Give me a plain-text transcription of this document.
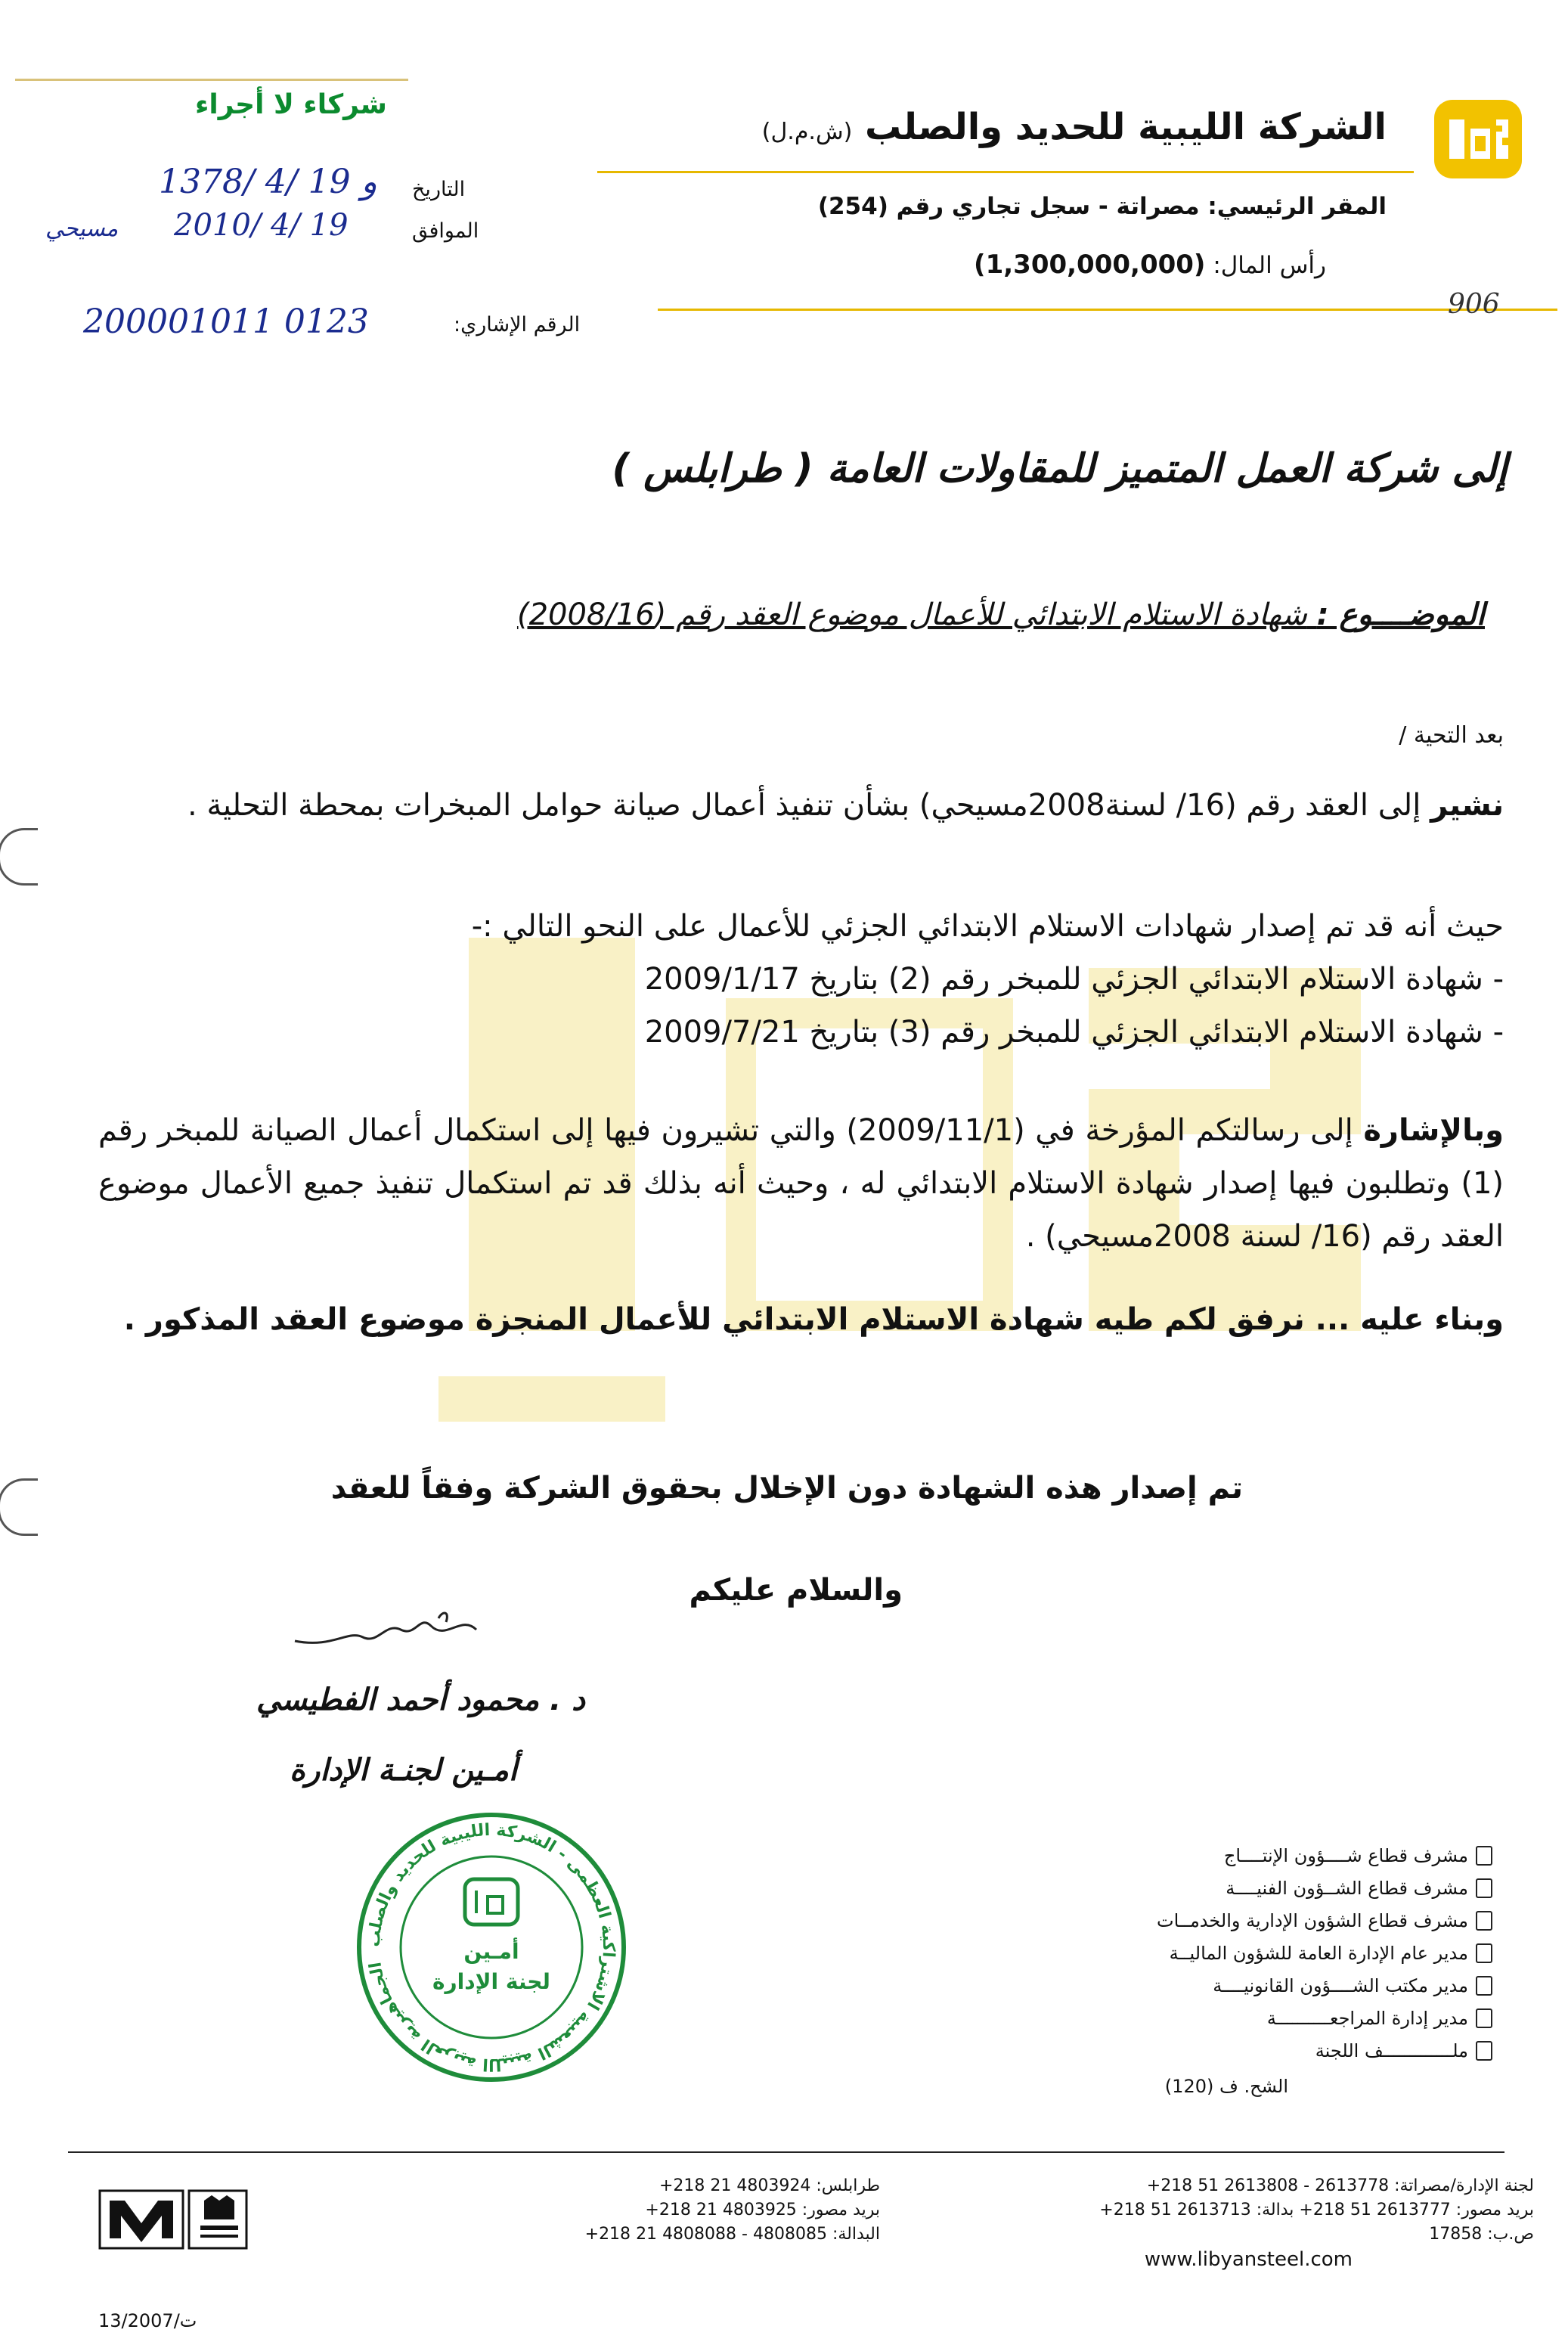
الشركة الليبية للحديد والصلب (ش.م.ل)
المقر الرئيسي: مصراتة - سجل تجاري رقم (254)
رأس المال: (1,300,000,000)
شركاء لا أجراء
التاريخ
1378/ 4/ 19 و
الموافق
2010/ 4/ 19
مسيحي
الرقم الإشاري:
200001011 0123	906
إلى شركة العمل المتميز للمقاولات العامة ( طرابلس )
الموضــــوع : شهادة الاستلام الابتدائي للأعمال موضوع العقد رقم (2008/16)
بعد التحية /
نشير إلى العقد رقم (16/ لسنة2008مسيحي) بشأن تنفيذ أعمال صيانة حوامل المبخرات بمحطة التحلية .
حيث أنه قد تم إصدار شهادات الاستلام الابتدائي الجزئي للأعمال على النحو التالي :-
- شهادة الاستلام الابتدائي الجزئي للمبخر رقم (2) بتاريخ 2009/1/17
- شهادة الاستلام الابتدائي الجزئي للمبخر رقم (3) بتاريخ 2009/7/21
وبالإشارة إلى رسالتكم المؤرخة في (2009/11/1) والتي تشيرون فيها إلى استكمال أعمال الصيانة للمبخر رقم (1) وتطلبون فيها إصدار شهادة الاستلام الابتدائي له ، وحيث أنه بذلك قد تم استكمال تنفيذ جميع الأعمال موضوع العقد رقم (16/ لسنة 2008مسيحي) .
وبناء عليه ... نرفق لكم طيه شهادة الاستلام الابتدائي للأعمال المنجزة موضوع العقد المذكور .
تم إصدار هذه الشهادة دون الإخلال بحقوق الشركة وفقاً للعقد
والسلام عليكم
د . محمود أحمد الفطيسي
أمـين لجنـة الإدارة
أمـين
لجنة الإدارة
الجماهيرية العربية الليبية الشعبية الاشتراكية العظمى - الشركة الليبية للحديد والصلب
مشرف قطاع شــــؤون الإنتــــاج
مشرف قطاع الشــؤون الفنيــــة
مشرف قطاع الشؤون الإدارية والخدمــات
مدير عام الإدارة العامة للشؤون الماليــة
مدير مكتب الشــــؤون القانونيــــة
مدير إدارة المراجعــــــــــة
ملـــــــــــــف اللجنة
الشح. ف (120)
لجنة الإدارة/مصراتة: 2613778 - 2613808 51 218+
بريد مصور: 2613777 51 218+ بدالة: 2613713 51 218+
ص.ب: 17858
طرابلس: 4803924 21 218+
بريد مصور: 4803925 21 218+
البدالة: 4808085 - 4808088 21 218+
www.libyansteel.com
ت/13/2007
